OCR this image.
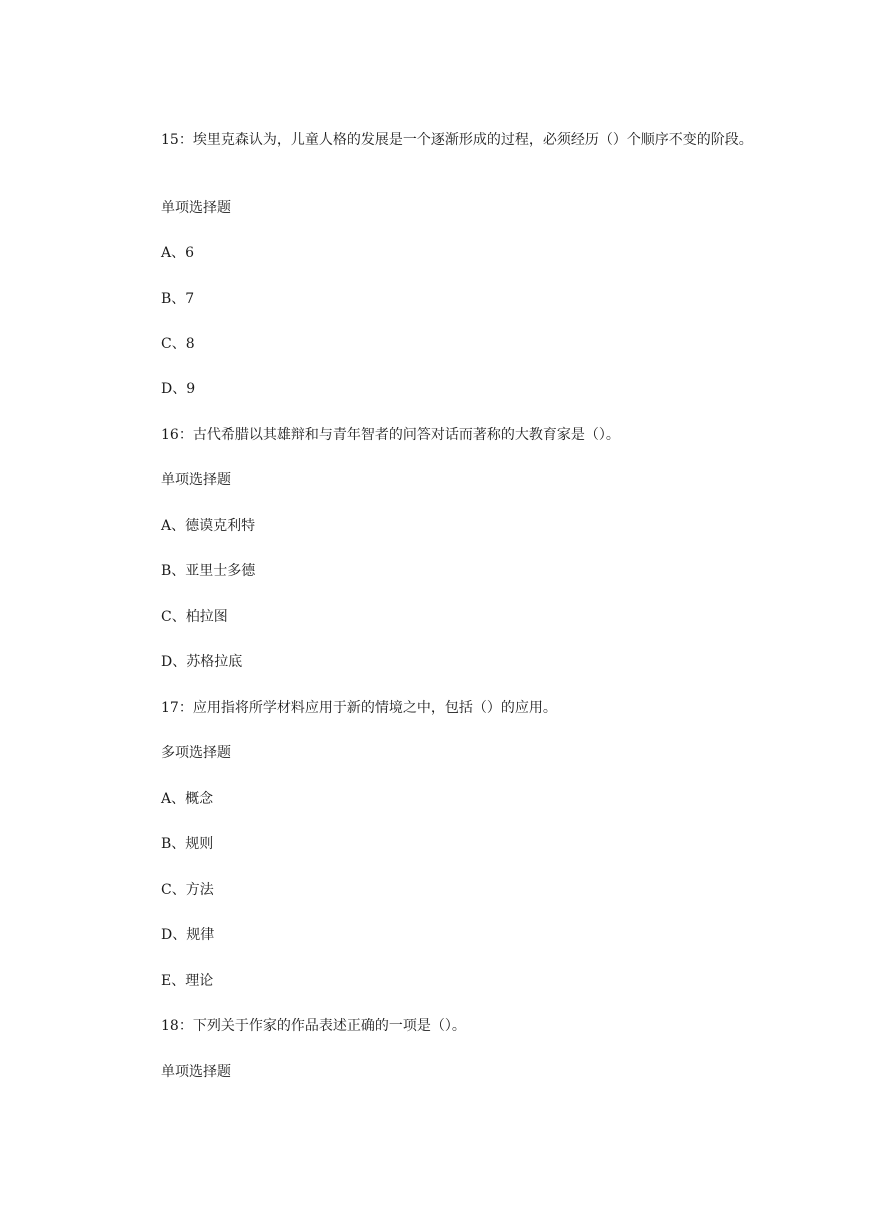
15：埃里克森认为，儿童人格的发展是一个逐渐形成的过程，必须经历（）个顺序不变的阶段。
单项选择题
A、6
B、7
C、8
D、9
16：古代希腊以其雄辩和与青年智者的问答对话而著称的大教育家是（）。
单项选择题
A、德谟克利特
B、亚里士多德
C、柏拉图
D、苏格拉底
17：应用指将所学材料应用于新的情境之中，包括（）的应用。
多项选择题
A、概念
B、规则
C、方法
D、规律
E、理论
18：下列关于作家的作品表述正确的一项是（）。
单项选择题
